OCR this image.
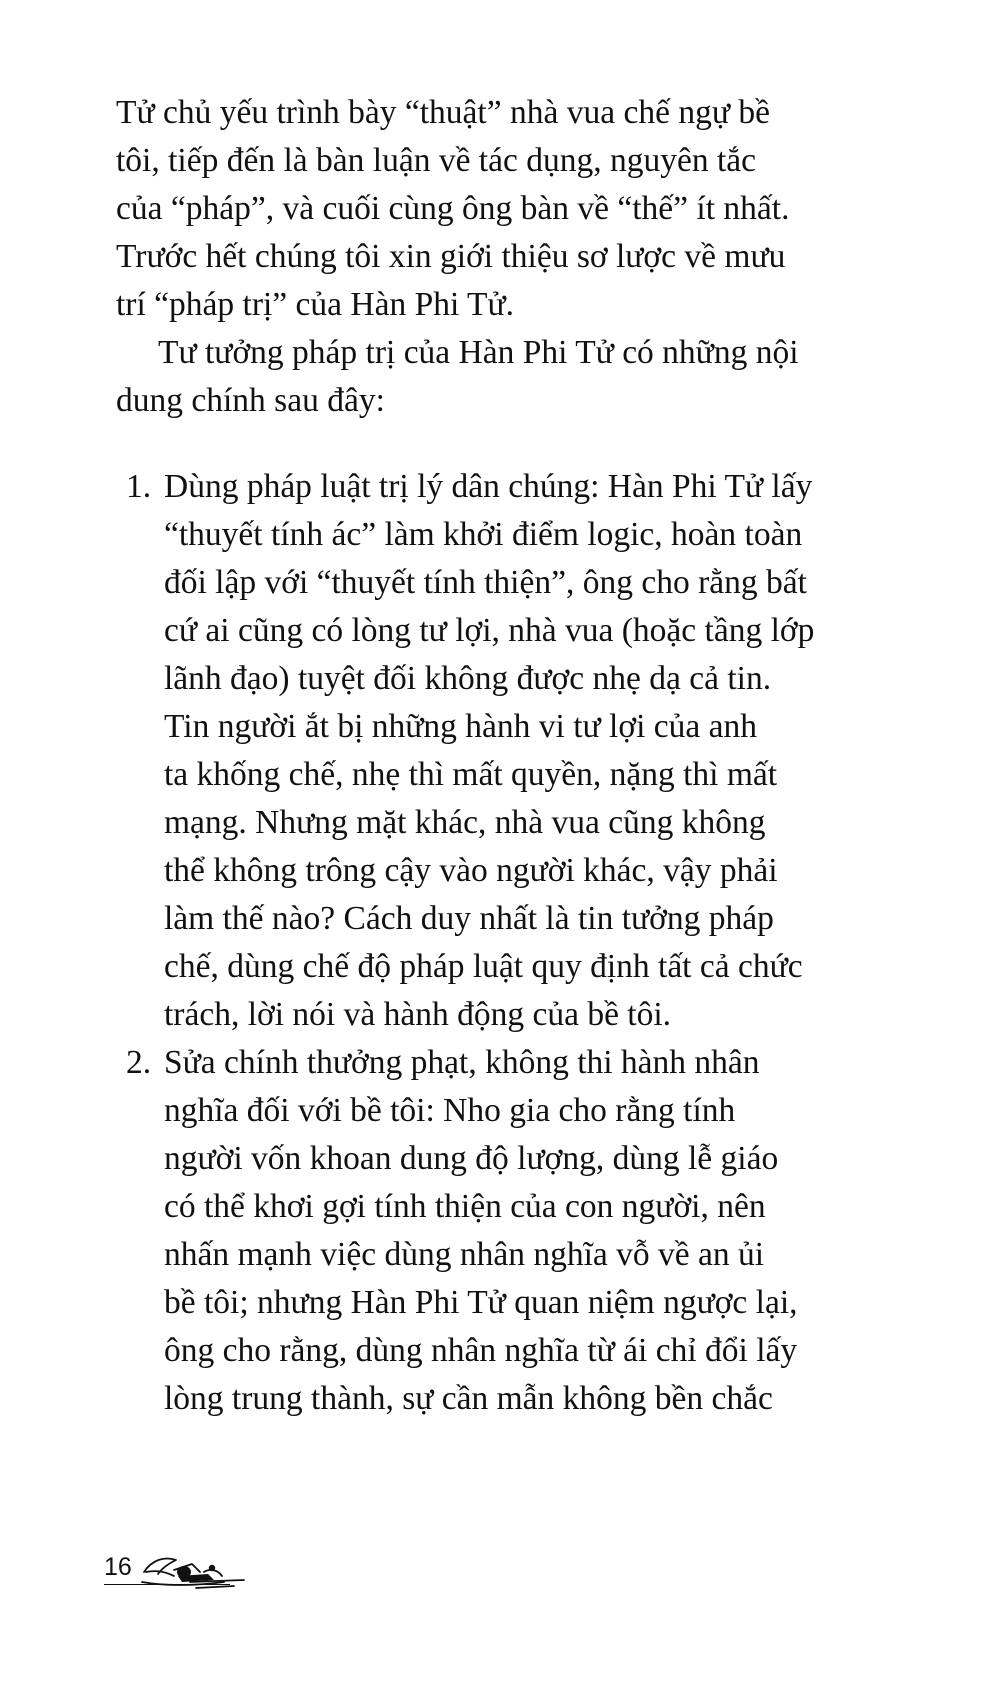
Tử chủ yếu trình bày “thuật” nhà vua chế ngự bề
tôi, tiếp đến là bàn luận về tác dụng, nguyên tắc
của “pháp”, và cuối cùng ông bàn về “thế” ít nhất.
Trước hết chúng tôi xin giới thiệu sơ lược về mưu
trí “pháp trị” của Hàn Phi Tử.
Tư tưởng pháp trị của Hàn Phi Tử có những nội
dung chính sau đây:
1. Dùng pháp luật trị lý dân chúng: Hàn Phi Tử lấy
“thuyết tính ác” làm khởi điểm logic, hoàn toàn
đối lập với “thuyết tính thiện”, ông cho rằng bất
cứ ai cũng có lòng tư lợi, nhà vua (hoặc tầng lớp
lãnh đạo) tuyệt đối không được nhẹ dạ cả tin.
Tin người ắt bị những hành vi tư lợi của anh
ta khống chế, nhẹ thì mất quyền, nặng thì mất
mạng. Nhưng mặt khác, nhà vua cũng không
thể không trông cậy vào người khác, vậy phải
làm thế nào? Cách duy nhất là tin tưởng pháp
chế, dùng chế độ pháp luật quy định tất cả chức
trách, lời nói và hành động của bề tôi.
2. Sửa chính thưởng phạt, không thi hành nhân
nghĩa đối với bề tôi: Nho gia cho rằng tính
người vốn khoan dung độ lượng, dùng lễ giáo
có thể khơi gợi tính thiện của con người, nên
nhấn mạnh việc dùng nhân nghĩa vỗ về an ủi
bề tôi; nhưng Hàn Phi Tử quan niệm ngược lại,
ông cho rằng, dùng nhân nghĩa từ ái chỉ đổi lấy
lòng trung thành, sự cần mẫn không bền chắc
16
